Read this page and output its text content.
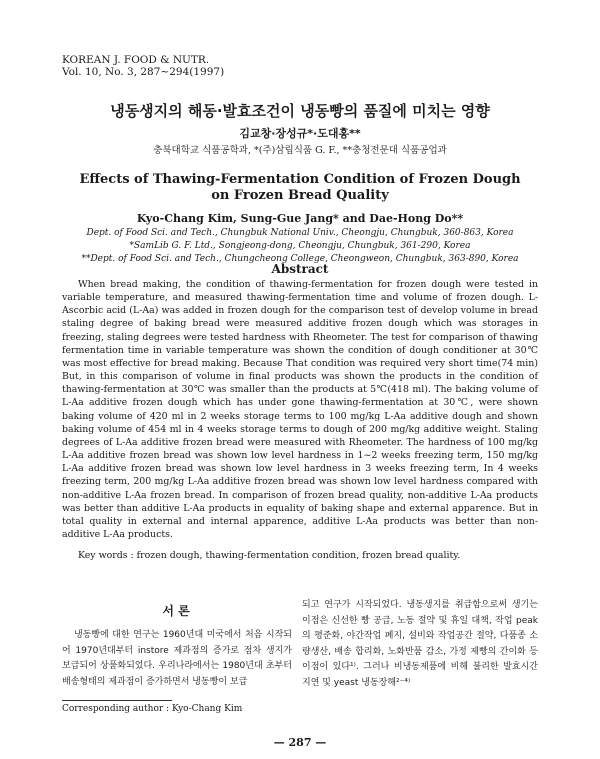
KOREAN J. FOOD & NUTR.
Vol. 10, No. 3, 287~294(1997)
냉동생지의 해동·발효조건이 냉동빵의 품질에 미치는 영향
김교창·장성규*·도대홍**
충북대학교 식품공학과, *(주)삼립식품 G. F., **충청전문대 식품공업과
Effects of Thawing-Fermentation Condition of Frozen Dough
on Frozen Bread Quality
Kyo-Chang Kim, Sung-Gue Jang* and Dae-Hong Do**
Dept. of Food Sci. and Tech., Chungbuk National Univ., Cheongju, Chungbuk, 360-863, Korea
*SamLib G. F. Ltd., Songjeong-dong, Cheongju, Chungbuk, 361-290, Korea
**Dept. of Food Sci. and Tech., Chungcheong College, Cheongweon, Chungbuk, 363-890, Korea
Abstract

When bread making, the condition of thawing-fermentation for frozen dough were tested in variable temperature, and measured thawing-fermentation time and volume of frozen dough. L-Ascorbic acid (L-Aa) was added in frozen dough for the comparison test of develop volume in bread staling degree of baking bread were measured additive frozen dough which was storages in freezing, staling degrees were tested hardness with Rheometer. The test for comparison of thawing fermentation time in variable temperature was shown the condition of dough conditioner at 30℃ was most effective for bread making. Because That condition was required very short time(74 min) But, in this comparison of volume in final products was shown the products in the condition of thawing-fermentation at 30℃ was smaller than the products at 5℃(418 ml). The baking volume of L-Aa additive frozen dough which has under gone thawing-fermentation at 30℃, were shown baking volume of 420 ml in 2 weeks storage terms to 100 mg/kg L-Aa additive dough and shown baking volume of 454 ml in 4 weeks storage terms to dough of 200 mg/kg additive weight. Staling degrees of L-Aa additive frozen bread were measured with Rheometer. The hardness of 100 mg/kg L-Aa additive frozen bread was shown low level hardness in 1~2 weeks freezing term, 150 mg/kg L-Aa additive frozen bread was shown low level hardness in 3 weeks freezing term, In 4 weeks freezing term, 200 mg/kg L-Aa additive frozen bread was shown low level hardness compared with non-additive L-Aa frozen bread. In comparison of frozen bread quality, non-additive L-Aa products was better than additive L-Aa products in equality of baking shape and external apparence. But in total quality in external and internal apparence, additive L-Aa products was better than non-additive L-Aa products.

Key words : frozen dough, thawing-fermentation condition, frozen bread quality.
서 론

냉동빵에 대한 연구는 1960년대 미국에서 처음 시작되어 1970년대부터 instore 제과점의 증가로 점차 생지가 보급되어 상품화되었다. 우리나라에서는 1980년대 초부터 배송형태의 제과점이 증가하면서 냉동빵이 보급

되고 연구가 시작되었다. 냉동생지를 취급함으로써 생기는 이점은 신선한 빵 공급, 노동 절약 및 휴일 대책, 작업 peak의 평준화, 야간작업 폐지, 설비와 작업공간 절약, 다품종 소량생산, 배송 합리화, 노화반품 감소, 가정 제빵의 간이화 등 이점이 있다¹⁾. 그러나 비냉동제품에 비해 불리한 발효시간 지연 및 yeast 냉동장해²⁻⁴⁾

Corresponding author : Kyo-Chang Kim
— 287 —
